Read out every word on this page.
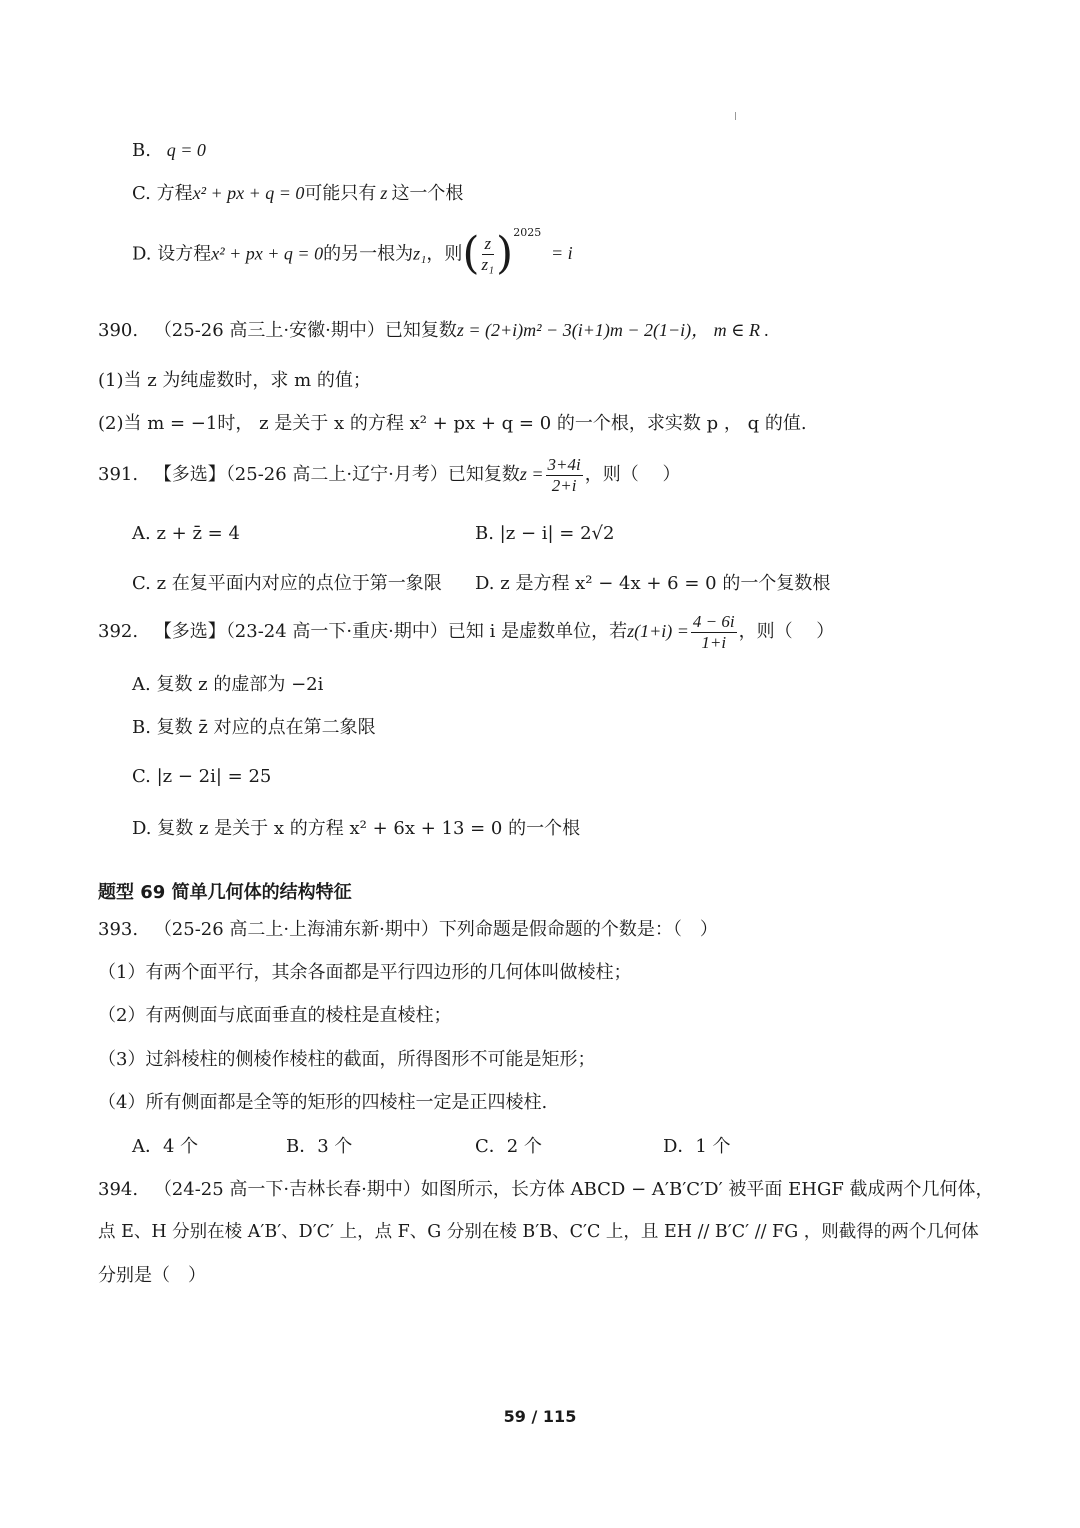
B. q = 0
C. 方程x² + px + q = 0可能只有 z 这一个根
D. 设方程x² + px + q = 0的另一根为z₁，则( $\frac{z}{\text{z₁}} )^{2025} = i$
390. （25-26 高三上·安徽·期中）已知复数z = (2+i)m² − 3(i+1)m − 2(1−i)， m ∈ R .
(1)当 z 为纯虚数时，求 m 的值；
(2)当 m = −1时， z 是关于 x 的方程 x² + px + q = 0 的一个根，求实数 p ， q 的值.
391. 【多选】（25-26 高二上·辽宁·月考）已知复数$z = \frac{3+4i}{2+i}$ ，则（　 ）
A. z + z̄ = 4	B. |z − i| = 2√2
C. z 在复平面内对应的点位于第一象限 D. z 是方程 x² − 4x + 6 = 0 的一个复数根
392. 【多选】（23-24 高一下·重庆·期中）已知 i 是虚数单位，若$z(1+i) = \frac{4 - 6i}{1+i}$ ，则（　 ）
A. 复数 z 的虚部为 −2i
B. 复数 z̄ 对应的点在第二象限
C. |z − 2i| = 25
D. 复数 z 是关于 x 的方程 x² + 6x + 13 = 0 的一个根
题型 69 简单几何体的结构特征
393. （25-26 高二上·上海浦东新·期中）下列命题是假命题的个数是：（　）
（1）有两个面平行，其余各面都是平行四边形的几何体叫做棱柱；
（2）有两侧面与底面垂直的棱柱是直棱柱；
（3）过斜棱柱的侧棱作棱柱的截面，所得图形不可能是矩形；
（4）所有侧面都是全等的矩形的四棱柱一定是正四棱柱.
A．4 个	B．3 个	C．2 个	D．1 个
394. （24-25 高一下·吉林长春·期中）如图所示，长方体 ABCD − A′B′C′D′ 被平面 EHGF 截成两个几何体，
点 E、H 分别在棱 A′B′、D′C′ 上，点 F、G 分别在棱 B′B、C′C 上，且 EH // B′C′ // FG ，则截得的两个几何体
分别是（　）
59 / 115
